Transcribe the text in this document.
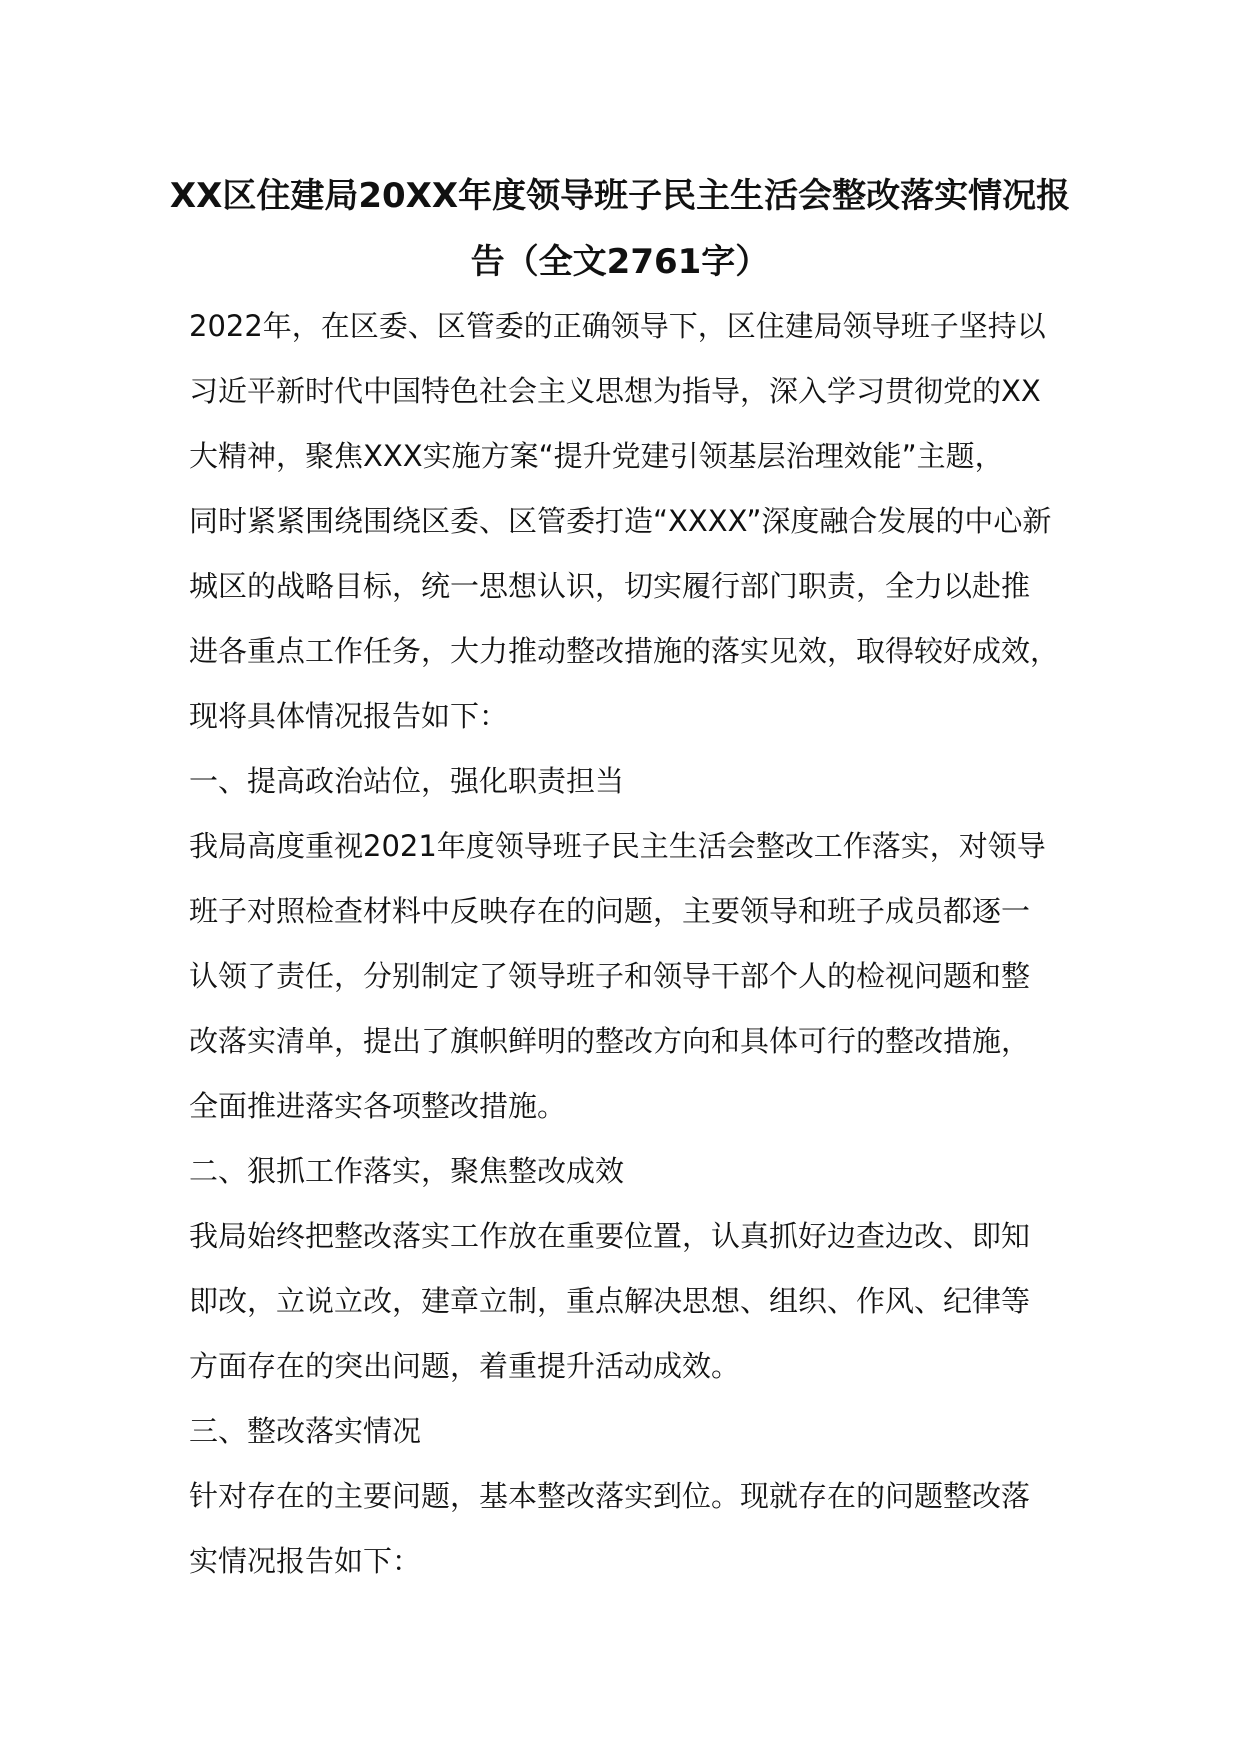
XX区住建局20XX年度领导班子民主生活会整改落实情况报
告（全文2761字）
2022年，在区委、区管委的正确领导下，区住建局领导班子坚持以
习近平新时代中国特色社会主义思想为指导，深入学习贯彻党的XX
大精神，聚焦XXX实施方案“提升党建引领基层治理效能”主题，
同时紧紧围绕围绕区委、区管委打造“XXXX”深度融合发展的中心新
城区的战略目标，统一思想认识，切实履行部门职责，全力以赴推
进各重点工作任务，大力推动整改措施的落实见效，取得较好成效，
现将具体情况报告如下：
一、提高政治站位，强化职责担当
我局高度重视2021年度领导班子民主生活会整改工作落实，对领导
班子对照检查材料中反映存在的问题，主要领导和班子成员都逐一
认领了责任，分别制定了领导班子和领导干部个人的检视问题和整
改落实清单，提出了旗帜鲜明的整改方向和具体可行的整改措施，
全面推进落实各项整改措施。
二、狠抓工作落实，聚焦整改成效
我局始终把整改落实工作放在重要位置，认真抓好边查边改、即知
即改，立说立改，建章立制，重点解决思想、组织、作风、纪律等
方面存在的突出问题，着重提升活动成效。
三、整改落实情况
针对存在的主要问题，基本整改落实到位。现就存在的问题整改落
实情况报告如下：
